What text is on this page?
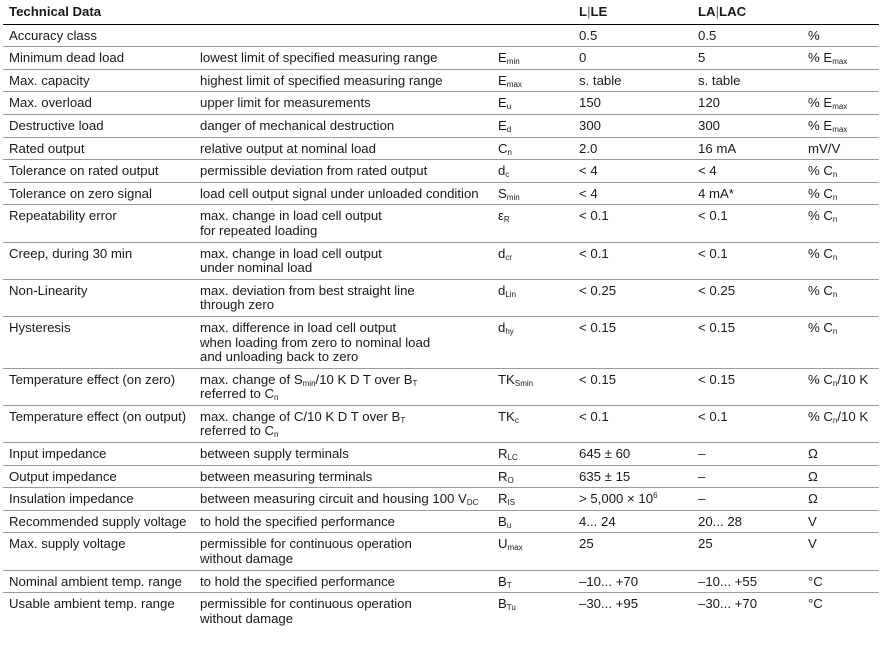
Technical Data			L|LE	LA|LAC	
Accuracy class			0.5	0.5	%
Minimum dead load	lowest limit of specified measuring range	$E_{min}$	0	5	% $E_{max}$
Max. capacity	highest limit of specified measuring range	$E_{max}$	s. table	s. table	
Max. overload	upper limit for measurements	$E_u$	150	120	% $E_{max}$
Destructive load	danger of mechanical destruction	$E_d$	300	300	% $E_{max}$
Rated output	relative output at nominal load	$C_n$	2.0	16 mA	mV/V
Tolerance on rated output	permissible deviation from rated output	$d_c$	< 4	< 4	% $C_n$
Tolerance on zero signal	load cell output signal under unloaded condition	$S_{min}$	< 4	4 mA*	% $C_n$
Repeatability error	max. change in load cell output
for repeated loading	$\varepsilon_R$	< 0.1	< 0.1	% $C_n$
Creep, during 30 min	max. change in load cell output
under nominal load	$d_{cr}$	< 0.1	< 0.1	% $C_n$
Non-Linearity	max. deviation from best straight line
through zero	$d_{Lin}$	< 0.25	< 0.25	% $C_n$
Hysteresis	max. difference in load cell output
when loading from zero to nominal load
and unloading back to zero	$d_{hy}$	< 0.15	< 0.15	% $C_n$
Temperature effect (on zero)	max. change of $S_{min}/10$ K D T over $B_T$
referred to $C_n$	$TK_{Smin}$	< 0.15	< 0.15	% $C_n/10$ K
Temperature effect (on output)	max. change of C/10 K D T over $B_T$
referred to $C_n$	$TK_c$	< 0.1	< 0.1	% $C_n/10$ K
Input impedance	between supply terminals	$R_{LC}$	645 ± 60	–	Ω
Output impedance	between measuring terminals	$R_O$	635 ± 15	–	Ω
Insulation impedance	between measuring circuit and housing 100 $V_{DC}$	$R_{IS}$	> $5,000 \times 10^6$	–	Ω
Recommended supply voltage	to hold the specified performance	$B_u$	4... 24	20... 28	V
Max. supply voltage	permissible for continuous operation
without damage	$U_{max}$	25	25	V
Nominal ambient temp. range	to hold the specified performance	$B_T$	–10... +70	–10... +55	°C
Usable ambient temp. range	permissible for continuous operation
without damage	$B_{Tu}$	–30... +95	–30... +70	°C
